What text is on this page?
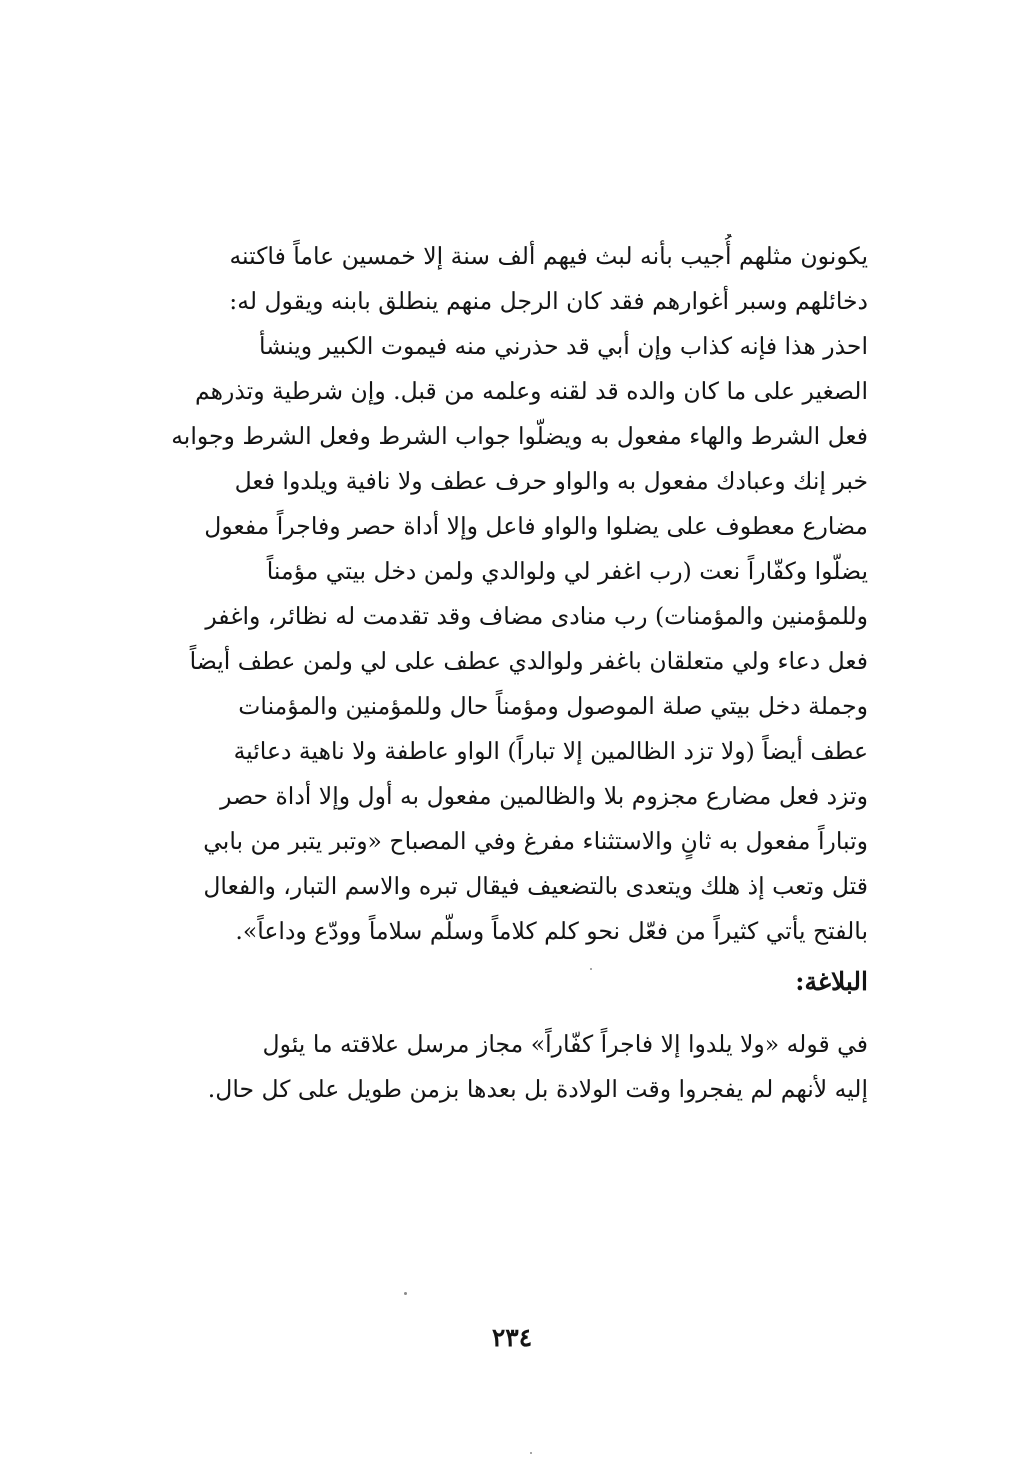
يكونون مثلهم أُجيب بأنه لبث فيهم ألف سنة إلا خمسين عاماً فاكتنه
دخائلهم وسبر أغوارهم فقد كان الرجل منهم ينطلق بابنه ويقول له:
احذر هذا فإنه كذاب وإن أبي قد حذرني منه فيموت الكبير وينشأ
الصغير على ما كان والده قد لقنه وعلمه من قبل. وإن شرطية وتذرهم
فعل الشرط والهاء مفعول به ويضلّوا جواب الشرط وفعل الشرط وجوابه
خبر إنك وعبادك مفعول به والواو حرف عطف ولا نافية ويلدوا فعل
مضارع معطوف على يضلوا والواو فاعل وإلا أداة حصر وفاجراً مفعول
يضلّوا وكفّاراً نعت (رب اغفر لي ولوالدي ولمن دخل بيتي مؤمناً
وللمؤمنين والمؤمنات) رب منادى مضاف وقد تقدمت له نظائر، واغفر
فعل دعاء ولي متعلقان باغفر ولوالدي عطف على لي ولمن عطف أيضاً
وجملة دخل بيتي صلة الموصول ومؤمناً حال وللمؤمنين والمؤمنات
عطف أيضاً (ولا تزد الظالمين إلا تباراً) الواو عاطفة ولا ناهية دعائية
وتزد فعل مضارع مجزوم بلا والظالمين مفعول به أول وإلا أداة حصر
وتباراً مفعول به ثانٍ والاستثناء مفرغ وفي المصباح «وتبر يتبر من بابي
قتل وتعب إذ هلك ويتعدى بالتضعيف فيقال تبره والاسم التبار، والفعال
بالفتح يأتي كثيراً من فعّل نحو كلم كلاماً وسلّم سلاماً وودّع وداعاً».
البلاغة:
في قوله «ولا يلدوا إلا فاجراً كفّاراً» مجاز مرسل علاقته ما يئول
إليه لأنهم لم يفجروا وقت الولادة بل بعدها بزمن طويل على كل حال.
٢٣٤
